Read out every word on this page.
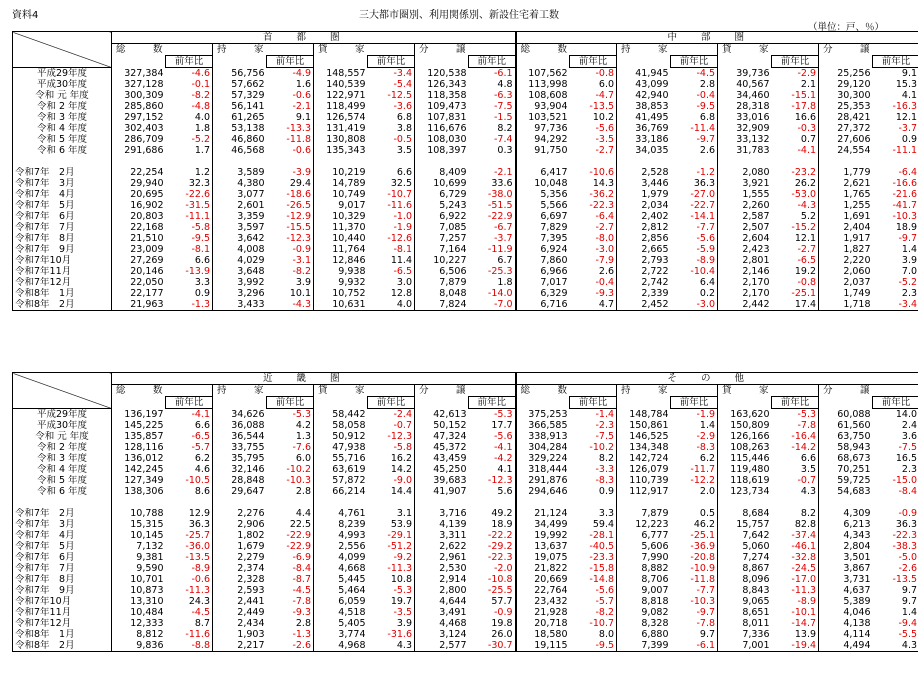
資料4	三大都市圏別、利用関係別、新設住宅着工数
（単位：戸、％）
	首都圏								中部圏							
	総　数		持　家		貸　家		分　譲		総　数		持　家		貸　家		分　譲	
		前年比		前年比		前年比		前年比		前年比		前年比		前年比		前年比
平成29年度	327,384	-4.6	56,756	-4.9	148,557	-3.4	120,538	-6.1	107,562	-0.8	41,945	-4.5	39,736	-2.9	25,256	9.1
平成30年度	327,128	-0.1	57,662	1.6	140,539	-5.4	126,343	4.8	113,998	6.0	43,099	2.8	40,567	2.1	29,120	15.3
令和 元 年度	300,309	-8.2	57,329	-0.6	122,971	-12.5	118,358	-6.3	108,608	-4.7	42,940	-0.4	34,460	-15.1	30,300	4.1
令和 2 年度	285,860	-4.8	56,141	-2.1	118,499	-3.6	109,473	-7.5	93,904	-13.5	38,853	-9.5	28,318	-17.8	25,353	-16.3
令和 3 年度	297,152	4.0	61,265	9.1	126,574	6.8	107,831	-1.5	103,521	10.2	41,495	6.8	33,016	16.6	28,421	12.1
令和 4 年度	302,403	1.8	53,138	-13.3	131,419	3.8	116,676	8.2	97,736	-5.6	36,769	-11.4	32,909	-0.3	27,372	-3.7
令和 5 年度	286,709	-5.2	46,860	-11.8	130,808	-0.5	108,030	-7.4	94,292	-3.5	33,186	-9.7	33,132	0.7	27,606	0.9
令和 6 年度	291,686	1.7	46,568	-0.6	135,343	3.5	108,397	0.3	91,750	-2.7	34,035	2.6	31,783	-4.1	24,554	-11.1

令和7年　2月	22,254	1.2	3,589	-3.9	10,219	6.6	8,409	-2.1	6,417	-10.6	2,528	-1.2	2,080	-23.2	1,779	-6.4
令和7年　3月	29,940	32.3	4,380	29.4	14,789	32.5	10,699	33.6	10,048	14.3	3,446	36.3	3,921	26.2	2,621	-16.6
令和7年　4月	20,695	-22.6	3,077	-18.6	10,749	-10.7	6,729	-38.0	5,356	-36.2	1,979	-27.0	1,555	-53.0	1,765	-21.6
令和7年　5月	16,902	-31.5	2,601	-26.5	9,017	-11.6	5,243	-51.5	5,566	-22.3	2,034	-22.7	2,260	-4.3	1,255	-41.7
令和7年　6月	20,803	-11.1	3,359	-12.9	10,329	-1.0	6,922	-22.9	6,697	-6.4	2,402	-14.1	2,587	5.2	1,691	-10.3
令和7年　7月	22,168	-5.8	3,597	-15.5	11,370	-1.9	7,085	-6.7	7,829	-2.7	2,812	-7.7	2,507	-15.2	2,404	18.9
令和7年　8月	21,510	-9.5	3,642	-12.3	10,440	-12.6	7,257	-3.7	7,395	-8.0	2,856	-5.6	2,604	12.1	1,917	-9.7
令和7年　9月	23,009	-8.1	4,008	-0.9	11,764	-8.1	7,164	-11.9	6,924	-3.0	2,665	-5.9	2,423	-2.7	1,827	1.4
令和7年10月	27,269	6.6	4,029	-3.1	12,846	11.4	10,227	6.7	7,860	-7.9	2,793	-8.9	2,801	-6.5	2,220	3.9
令和7年11月	20,146	-13.9	3,648	-8.2	9,938	-6.5	6,506	-25.3	6,966	2.6	2,722	-10.4	2,146	19.2	2,060	7.0
令和7年12月	22,050	3.3	3,992	3.9	9,932	3.0	7,879	1.8	7,017	-0.4	2,742	6.4	2,170	-0.8	2,037	-5.2
令和8年　1月	22,177	0.9	3,296	10.1	10,752	12.8	8,048	-14.0	6,329	-9.3	2,339	0.2	2,170	-25.1	1,749	2.3
令和8年　2月	21,963	-1.3	3,433	-4.3	10,631	4.0	7,824	-7.0	6,716	4.7	2,452	-3.0	2,442	17.4	1,718	-3.4
	近畿圏								その他							
	総　数		持　家		貸　家		分　譲		総　数		持　家		貸　家		分　譲	
		前年比		前年比		前年比		前年比		前年比		前年比		前年比		前年比
平成29年度	136,197	-4.1	34,626	-5.3	58,442	-2.4	42,613	-5.3	375,253	-1.4	148,784	-1.9	163,620	-5.3	60,088	14.0
平成30年度	145,225	6.6	36,088	4.2	58,058	-0.7	50,152	17.7	366,585	-2.3	150,861	1.4	150,809	-7.8	61,560	2.4
令和 元 年度	135,857	-6.5	36,544	1.3	50,912	-12.3	47,324	-5.6	338,913	-7.5	146,525	-2.9	126,166	-16.4	63,750	3.6
令和 2 年度	128,116	-5.7	33,755	-7.6	47,938	-5.8	45,372	-4.1	304,284	-10.2	134,348	-8.3	108,263	-14.2	58,943	-7.5
令和 3 年度	136,012	6.2	35,795	6.0	55,716	16.2	43,459	-4.2	329,224	8.2	142,724	6.2	115,446	6.6	68,673	16.5
令和 4 年度	142,245	4.6	32,146	-10.2	63,619	14.2	45,250	4.1	318,444	-3.3	126,079	-11.7	119,480	3.5	70,251	2.3
令和 5 年度	127,349	-10.5	28,848	-10.3	57,872	-9.0	39,683	-12.3	291,876	-8.3	110,739	-12.2	118,619	-0.7	59,725	-15.0
令和 6 年度	138,306	8.6	29,647	2.8	66,214	14.4	41,907	5.6	294,646	0.9	112,917	2.0	123,734	4.3	54,683	-8.4

令和7年　2月	10,788	12.9	2,276	4.4	4,761	3.1	3,716	49.2	21,124	3.3	7,879	0.5	8,684	8.2	4,309	-0.9
令和7年　3月	15,315	36.3	2,906	22.5	8,239	53.9	4,139	18.9	34,499	59.4	12,223	46.2	15,757	82.8	6,213	36.3
令和7年　4月	10,145	-25.7	1,802	-22.9	4,993	-29.1	3,311	-22.2	19,992	-28.1	6,777	-25.1	7,642	-37.4	4,343	-22.3
令和7年　5月	7,132	-36.0	1,679	-22.9	2,556	-51.2	2,622	-29.2	13,637	-40.5	5,606	-36.9	5,060	-46.1	2,804	-38.3
令和7年　6月	9,381	-13.5	2,279	-6.9	4,099	-9.2	2,961	-22.3	19,075	-23.3	7,990	-20.8	7,274	-32.8	3,501	-5.0
令和7年　7月	9,590	-8.9	2,374	-8.4	4,668	-11.3	2,530	-2.0	21,822	-15.8	8,882	-10.9	8,867	-24.5	3,867	-2.6
令和7年　8月	10,701	-0.6	2,328	-8.7	5,445	10.8	2,914	-10.8	20,669	-14.8	8,706	-11.8	8,096	-17.0	3,731	-13.5
令和7年　9月	10,873	-11.3	2,593	-4.5	5,464	-5.3	2,800	-25.5	22,764	-5.6	9,007	-7.7	8,843	-11.3	4,637	9.7
令和7年10月	13,310	24.3	2,441	-7.8	6,059	19.7	4,644	57.7	23,432	-5.7	8,818	-10.3	9,065	-8.9	5,389	9.7
令和7年11月	10,484	-4.5	2,449	-9.3	4,518	-3.5	3,491	-0.9	21,928	-8.2	9,082	-9.7	8,651	-10.1	4,046	1.4
令和7年12月	12,333	8.7	2,434	2.8	5,405	3.9	4,468	19.8	20,718	-10.7	8,328	-7.8	8,011	-14.7	4,138	-9.4
令和8年　1月	8,812	-11.6	1,903	-1.3	3,774	-31.6	3,124	26.0	18,580	8.0	6,880	9.7	7,336	13.9	4,114	-5.5
令和8年　2月	9,836	-8.8	2,217	-2.6	4,968	4.3	2,577	-30.7	19,115	-9.5	7,399	-6.1	7,001	-19.4	4,494	4.3
